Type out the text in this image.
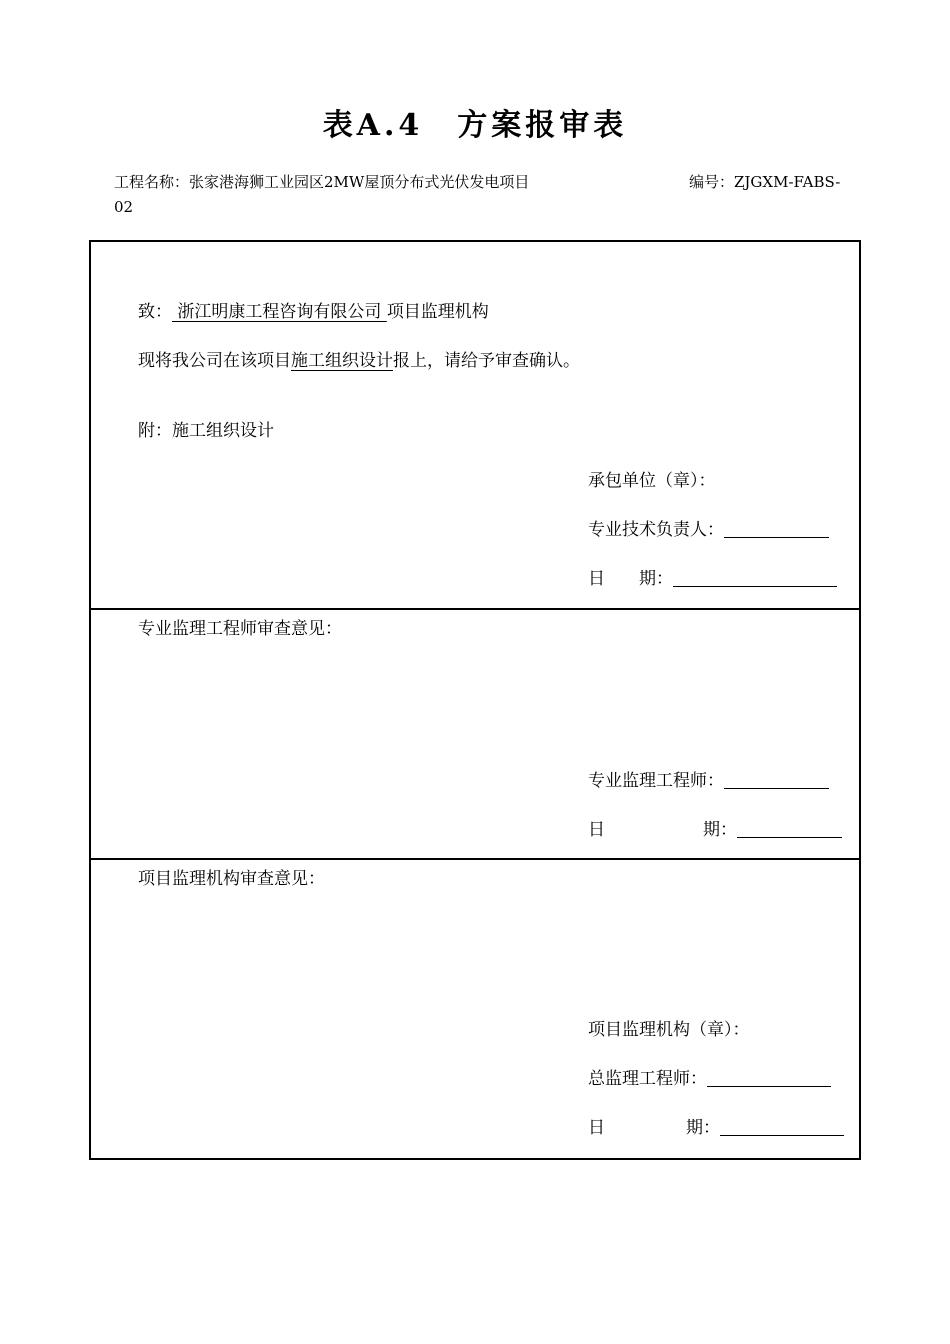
表A.4 方案报审表
工程名称：张家港海狮工业园区2MW屋顶分布式光伏发电项目	编号：ZJGXM-FABS-
02
致： 浙江明康工程咨询有限公司 项目监理机构
现将我公司在该项目施工组织设计报上，请给予审查确认。
附：施工组织设计
承包单位（章）：
专业技术负责人：
日　　期：
专业监理工程师审查意见：
专业监理工程师：
日	期：
项目监理机构审查意见：
项目监理机构（章）：
总监理工程师：
日	期：
